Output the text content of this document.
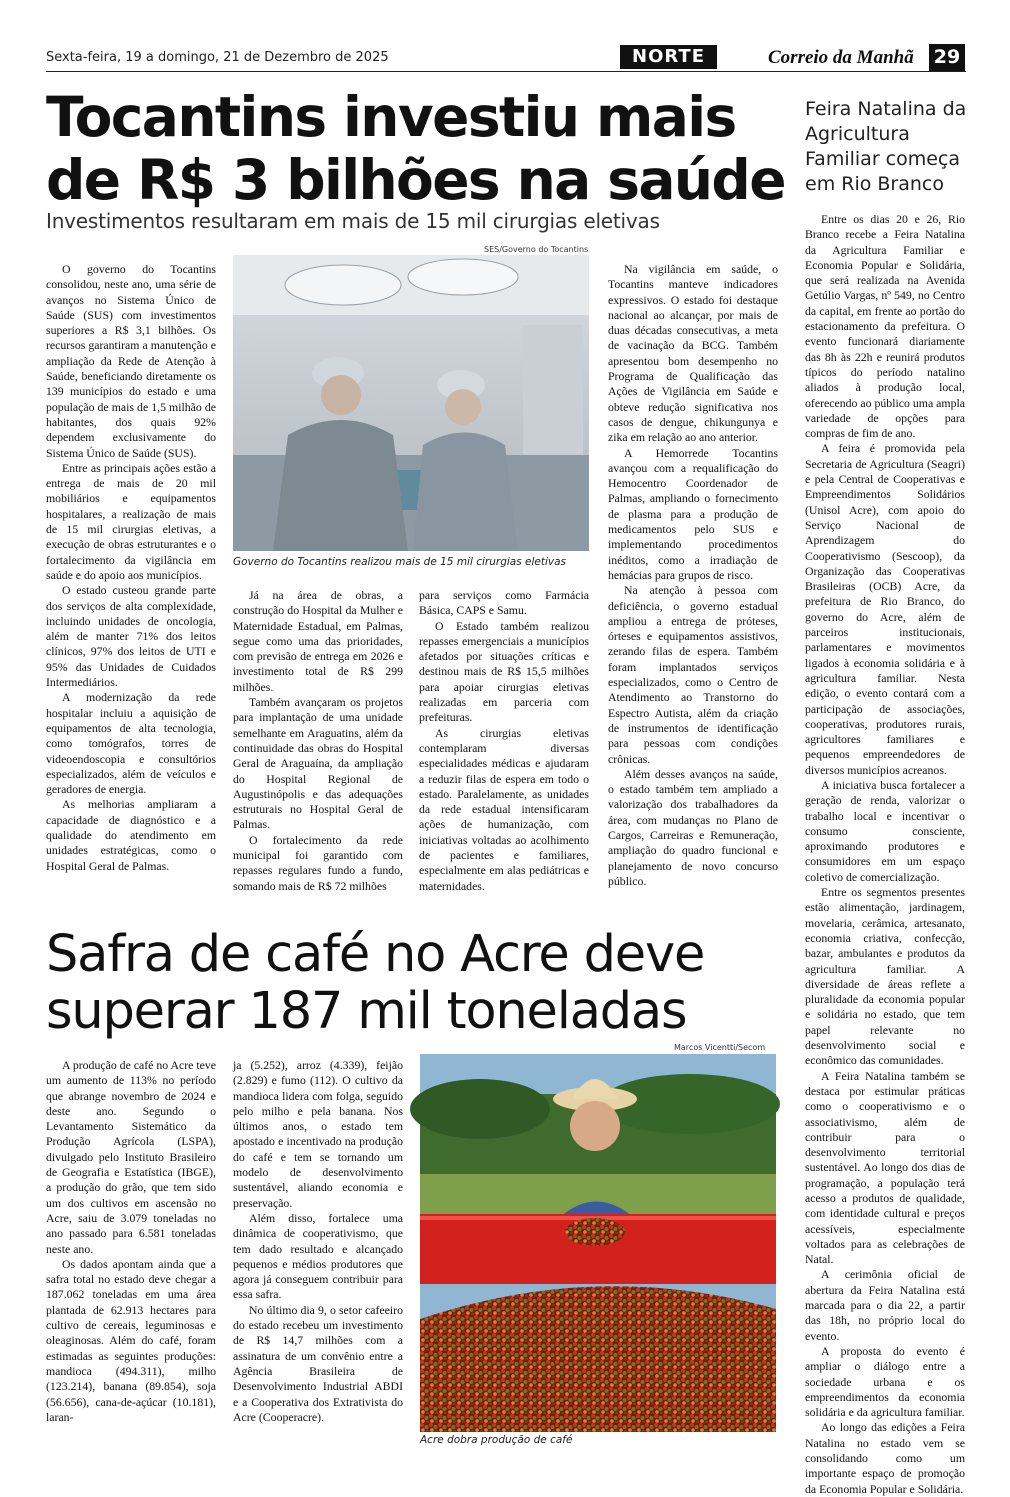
Sexta-feira, 19 a domingo, 21 de Dezembro de 2025	NORTE	Correio da Manhã 29
Tocantins investiu mais de R$ 3 bilhões na saúde
Investimentos resultaram em mais de 15 mil cirurgias eletivas

O governo do Tocantins consolidou, neste ano, uma série de avanços no Sistema Único de Saúde (SUS) com investimentos superiores a R$ 3,1 bilhões. Os recursos garantiram a manutenção e ampliação da Rede de Atenção à Saúde, beneficiando diretamente os 139 municípios do estado e uma população de mais de 1,5 milhão de habitantes, dos quais 92% dependem exclusivamente do Sistema Único de Saúde (SUS).

Entre as principais ações estão a entrega de mais de 20 mil mobiliários e equipamentos hospitalares, a realização de mais de 15 mil cirurgias eletivas, a execução de obras estruturantes e o fortalecimento da vigilância em saúde e do apoio aos municípios.

O estado custeou grande parte dos serviços de alta complexidade, incluindo unidades de oncologia, além de manter 71% dos leitos clínicos, 97% dos leitos de UTI e 95% das Unidades de Cuidados Intermediários.

A modernização da rede hospitalar incluiu a aquisição de equipamentos de alta tecnologia, como tomógrafos, torres de videoendoscopia e consultórios especializados, além de veículos e geradores de energia.

As melhorias ampliaram a capacidade de diagnóstico e a qualidade do atendimento em unidades estratégicas, como o Hospital Geral de Palmas.

SES/Governo do Tocantins
Governo do Tocantins realizou mais de 15 mil cirurgias eletivas

Já na área de obras, a construção do Hospital da Mulher e Maternidade Estadual, em Palmas, segue como uma das prioridades, com previsão de entrega em 2026 e investimento total de R$ 299 milhões.

Também avançaram os projetos para implantação de uma unidade semelhante em Araguatins, além da continuidade das obras do Hospital Geral de Araguaína, da ampliação do Hospital Regional de Augustinópolis e das adequações estruturais no Hospital Geral de Palmas.

O fortalecimento da rede municipal foi garantido com repasses regulares fundo a fundo, somando mais de R$ 72 milhões

para serviços como Farmácia Básica, CAPS e Samu.

O Estado também realizou repasses emergenciais a municípios afetados por situações críticas e destinou mais de R$ 15,5 milhões para apoiar cirurgias eletivas realizadas em parceria com prefeituras.

As cirurgias eletivas contemplaram diversas especialidades médicas e ajudaram a reduzir filas de espera em todo o estado. Paralelamente, as unidades da rede estadual intensificaram ações de humanização, com iniciativas voltadas ao acolhimento de pacientes e familiares, especialmente em alas pediátricas e maternidades.

Na vigilância em saúde, o Tocantins manteve indicadores expressivos. O estado foi destaque nacional ao alcançar, por mais de duas décadas consecutivas, a meta de vacinação da BCG. Também apresentou bom desempenho no Programa de Qualificação das Ações de Vigilância em Saúde e obteve redução significativa nos casos de dengue, chikungunya e zika em relação ao ano anterior.

A Hemorrede Tocantins avançou com a requalificação do Hemocentro Coordenador de Palmas, ampliando o fornecimento de plasma para a produção de medicamentos pelo SUS e implementando procedimentos inéditos, como a irradiação de hemácias para grupos de risco.

Na atenção à pessoa com deficiência, o governo estadual ampliou a entrega de próteses, órteses e equipamentos assistivos, zerando filas de espera. Também foram implantados serviços especializados, como o Centro de Atendimento ao Transtorno do Espectro Autista, além da criação de instrumentos de identificação para pessoas com condições crônicas.

Além desses avanços na saúde, o estado também tem ampliado a valorização dos trabalhadores da área, com mudanças no Plano de Cargos, Carreiras e Remuneração, ampliação do quadro funcional e planejamento de novo concurso público.

Feira Natalina da Agricultura Familiar começa em Rio Branco

Entre os dias 20 e 26, Rio Branco recebe a Feira Natalina da Agricultura Familiar e Economia Popular e Solidária, que será realizada na Avenida Getúlio Vargas, nº 549, no Centro da capital, em frente ao portão do estacionamento da prefeitura. O evento funcionará diariamente das 8h às 22h e reunirá produtos típicos do período natalino aliados à produção local, oferecendo ao público uma ampla variedade de opções para compras de fim de ano.

A feira é promovida pela Secretaria de Agricultura (Seagri) e pela Central de Cooperativas e Empreendimentos Solidários (Unisol Acre), com apoio do Serviço Nacional de Aprendizagem do Cooperativismo (Sescoop), da Organização das Cooperativas Brasileiras (OCB) Acre, da prefeitura de Rio Branco, do governo do Acre, além de parceiros institucionais, parlamentares e movimentos ligados à economia solidária e à agricultura familiar. Nesta edição, o evento contará com a participação de associações, cooperativas, produtores rurais, agricultores familiares e pequenos empreendedores de diversos municípios acreanos.

A iniciativa busca fortalecer a geração de renda, valorizar o trabalho local e incentivar o consumo consciente, aproximando produtores e consumidores em um espaço coletivo de comercialização.

Entre os segmentos presentes estão alimentação, jardinagem, movelaria, cerâmica, artesanato, economia criativa, confecção, bazar, ambulantes e produtos da agricultura familiar. A diversidade de áreas reflete a pluralidade da economia popular e solidária no estado, que tem papel relevante no desenvolvimento social e econômico das comunidades.

A Feira Natalina também se destaca por estimular práticas como o cooperativismo e o associativismo, além de contribuir para o desenvolvimento territorial sustentável. Ao longo dos dias de programação, a população terá acesso a produtos de qualidade, com identidade cultural e preços acessíveis, especialmente voltados para as celebrações de Natal.

A cerimônia oficial de abertura da Feira Natalina está marcada para o dia 22, a partir das 18h, no próprio local do evento.

A proposta do evento é ampliar o diálogo entre a sociedade urbana e os empreendimentos da economia solidária e da agricultura familiar.

Ao longo das edições a Feira Natalina no estado vem se consolidando como um importante espaço de promoção da Economia Popular e Solidária.

Safra de café no Acre deve superar 187 mil toneladas

A produção de café no Acre teve um aumento de 113% no período que abrange novembro de 2024 e deste ano. Segundo o Levantamento Sistemático da Produção Agrícola (LSPA), divulgado pelo Instituto Brasileiro de Geografia e Estatística (IBGE), a produção do grão, que tem sido um dos cultivos em ascensão no Acre, saiu de 3.079 toneladas no ano passado para 6.581 toneladas neste ano.

Os dados apontam ainda que a safra total no estado deve chegar a 187.062 toneladas em uma área plantada de 62.913 hectares para cultivo de cereais, leguminosas e oleaginosas. Além do café, foram estimadas as seguintes produções: mandioca (494.311), milho (123.214), banana (89.854), soja (56.656), cana-de-açúcar (10.181), laran-

ja (5.252), arroz (4.339), feijão (2.829) e fumo (112). O cultivo da mandioca lidera com folga, seguido pelo milho e pela banana. Nos últimos anos, o estado tem apostado e incentivado na produção do café e tem se tornando um modelo de desenvolvimento sustentável, aliando economia e preservação.

Além disso, fortalece uma dinâmica de cooperativismo, que tem dado resultado e alcançado pequenos e médios produtores que agora já conseguem contribuir para essa safra.

No último dia 9, o setor cafeeiro do estado recebeu um investimento de R$ 14,7 milhões com a assinatura de um convênio entre a Agência Brasileira de Desenvolvimento Industrial ABDI e a Cooperativa dos Extrativista do Acre (Cooperacre).

Marcos Vicentti/Secom
Acre dobra produção de café
